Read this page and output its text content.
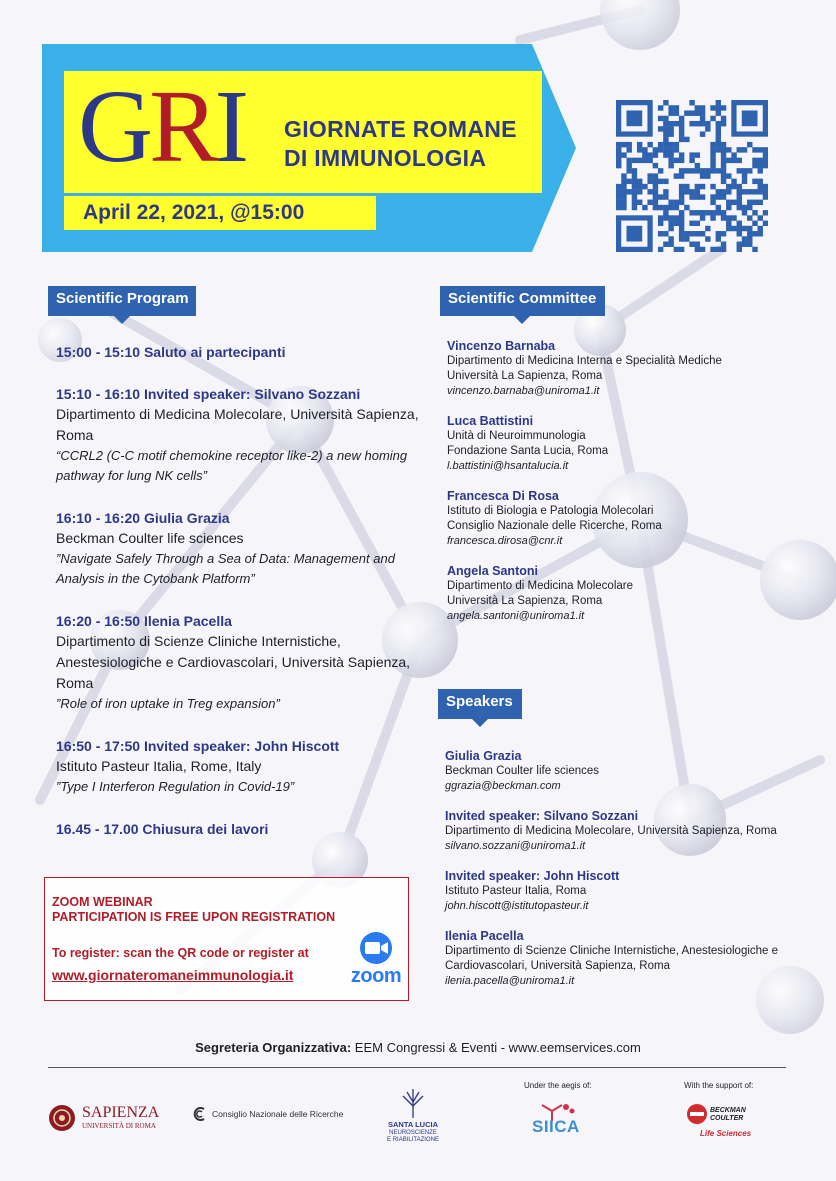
GRI GIORNATE ROMANE
DI IMMUNOLOGIA
April 22, 2021, @15:00
Scientific Program
15:00 - 15:10 Saluto ai partecipanti
15:10 - 16:10 Invited speaker: Silvano Sozzani
Dipartimento di Medicina Molecolare, Università Sapienza, Roma
“CCRL2 (C-C motif chemokine receptor like-2) a new homing pathway for lung NK cells”
16:10 - 16:20 Giulia Grazia
Beckman Coulter life sciences
”Navigate Safely Through a Sea of Data: Management and Analysis in the Cytobank Platform”
16:20 - 16:50 Ilenia Pacella
Dipartimento di Scienze Cliniche Internistiche, Anestesiologiche e Cardiovascolari, Università Sapienza, Roma
”Role of iron uptake in Treg expansion”
16:50 - 17:50 Invited speaker: John Hiscott
Istituto Pasteur Italia, Rome, Italy
”Type I Interferon Regulation in Covid-19”
16.45 - 17.00 Chiusura dei lavori
Scientific Committee
Vincenzo Barnaba
Dipartimento di Medicina Interna e Specialità Mediche
Università La Sapienza, Roma
vincenzo.barnaba@uniroma1.it
Luca Battistini
Unità di Neuroimmunologia
Fondazione Santa Lucia, Roma
l.battistini@hsantalucia.it
Francesca Di Rosa
Istituto di Biologia e Patologia Molecolari
Consiglio Nazionale delle Ricerche, Roma
francesca.dirosa@cnr.it
Angela Santoni
Dipartimento di Medicina Molecolare
Università La Sapienza, Roma
angela.santoni@uniroma1.it
Speakers
Giulia Grazia
Beckman Coulter life sciences
ggrazia@beckman.com
Invited speaker: Silvano Sozzani
Dipartimento di Medicina Molecolare, Università Sapienza, Roma
silvano.sozzani@uniroma1.it
Invited speaker: John Hiscott
Istituto Pasteur Italia, Roma
john.hiscott@istitutopasteur.it
Ilenia Pacella
Dipartimento di Scienze Cliniche Internistiche, Anestesiologiche e
Cardiovascolari, Università Sapienza, Roma
ilenia.pacella@uniroma1.it
ZOOM WEBINAR
PARTICIPATION IS FREE UPON REGISTRATION
To register: scan the QR code or register at
www.giornateromaneimmunologia.it	zoom
Segreteria Organizzativa: EEM Congressi & Eventi - www.eemservices.com
SAPIENZA
UNIVERSITÀ DI ROMA
Consiglio Nazionale delle Ricerche
SANTA LUCIA
NEUROSCIENZE
E RIABILITAZIONE
Under the aegis of:
SIICA
With the support of:
BECKMAN COULTER
Life Sciences
